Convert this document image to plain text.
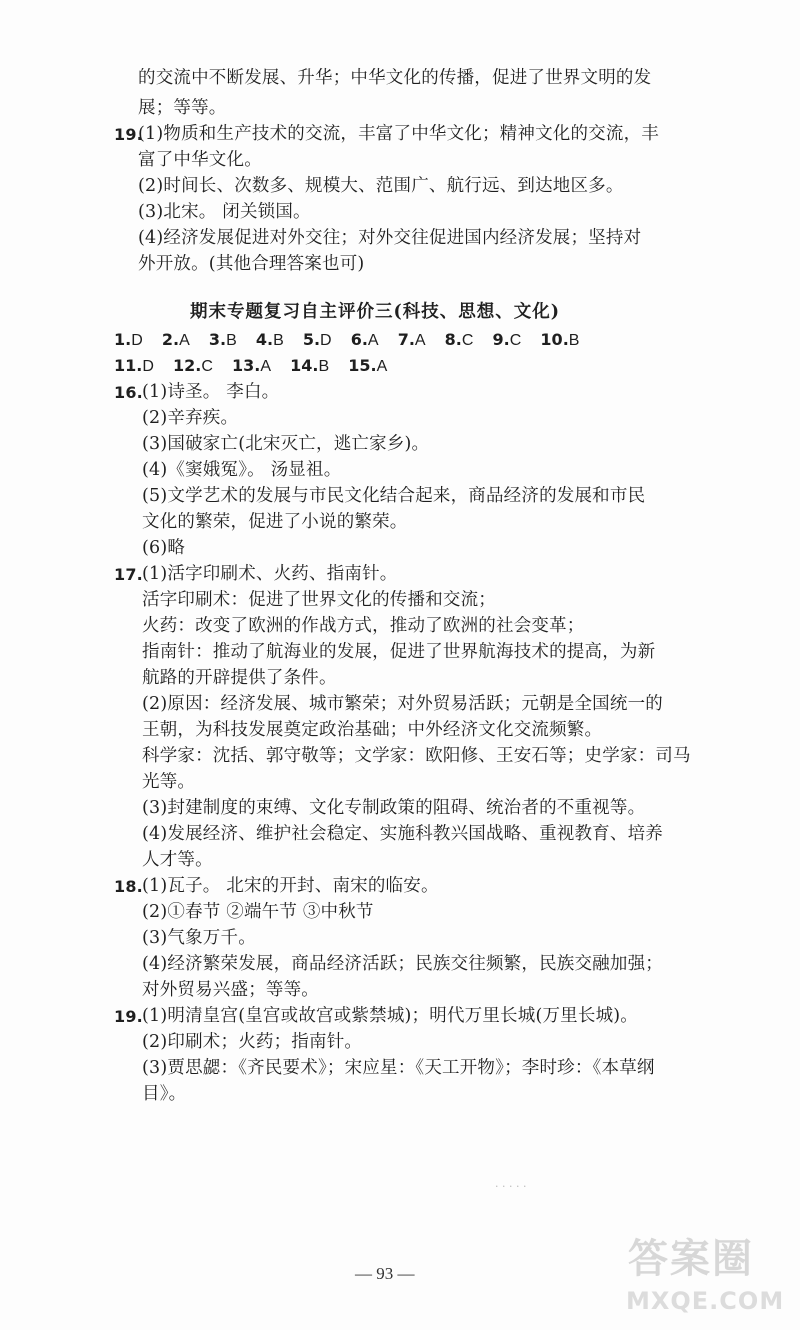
的交流中不断发展、升华；中华文化的传播，促进了世界文明的发
展；等等。
19.
(1)物质和生产技术的交流，丰富了中华文化；精神文化的交流，丰
富了中华文化。
(2)时间长、次数多、规模大、范围广、航行远、到达地区多。
(3)北宋。 闭关锁国。
(4)经济发展促进对外交往；对外交往促进国内经济发展；坚持对
外开放。(其他合理答案也可)
期末专题复习自主评价三(科技、思想、文化)
1.D 2.A 3.B 4.B 5.D 6.A 7.A 8.C 9.C 10.B
11.D 12.C 13.A 14.B 15.A
16. (1)诗圣。 李白。
(2)辛弃疾。
(3)国破家亡(北宋灭亡，逃亡家乡)。
(4)《窦娥冤》。 汤显祖。
(5)文学艺术的发展与市民文化结合起来，商品经济的发展和市民
文化的繁荣，促进了小说的繁荣。
(6)略
17. (1)活字印刷术、火药、指南针。
活字印刷术：促进了世界文化的传播和交流；
火药：改变了欧洲的作战方式，推动了欧洲的社会变革；
指南针：推动了航海业的发展，促进了世界航海技术的提高，为新
航路的开辟提供了条件。
(2)原因：经济发展、城市繁荣；对外贸易活跃；元朝是全国统一的
王朝，为科技发展奠定政治基础；中外经济文化交流频繁。
科学家：沈括、郭守敬等；文学家：欧阳修、王安石等；史学家：司马
光等。
(3)封建制度的束缚、文化专制政策的阻碍、统治者的不重视等。
(4)发展经济、维护社会稳定、实施科教兴国战略、重视教育、培养
人才等。
18. (1)瓦子。 北宋的开封、南宋的临安。
(2)①春节 ②端午节 ③中秋节
(3)气象万千。
(4)经济繁荣发展，商品经济活跃；民族交往频繁，民族交融加强；
对外贸易兴盛；等等。
19. (1)明清皇宫(皇宫或故宫或紫禁城)；明代万里长城(万里长城)。
(2)印刷术；火药；指南针。
(3)贾思勰：《齐民要术》；宋应星：《天工开物》；李时珍：《本草纲
目》。
· · · · ·
— 93 —	答案圈
MXQE.COM
